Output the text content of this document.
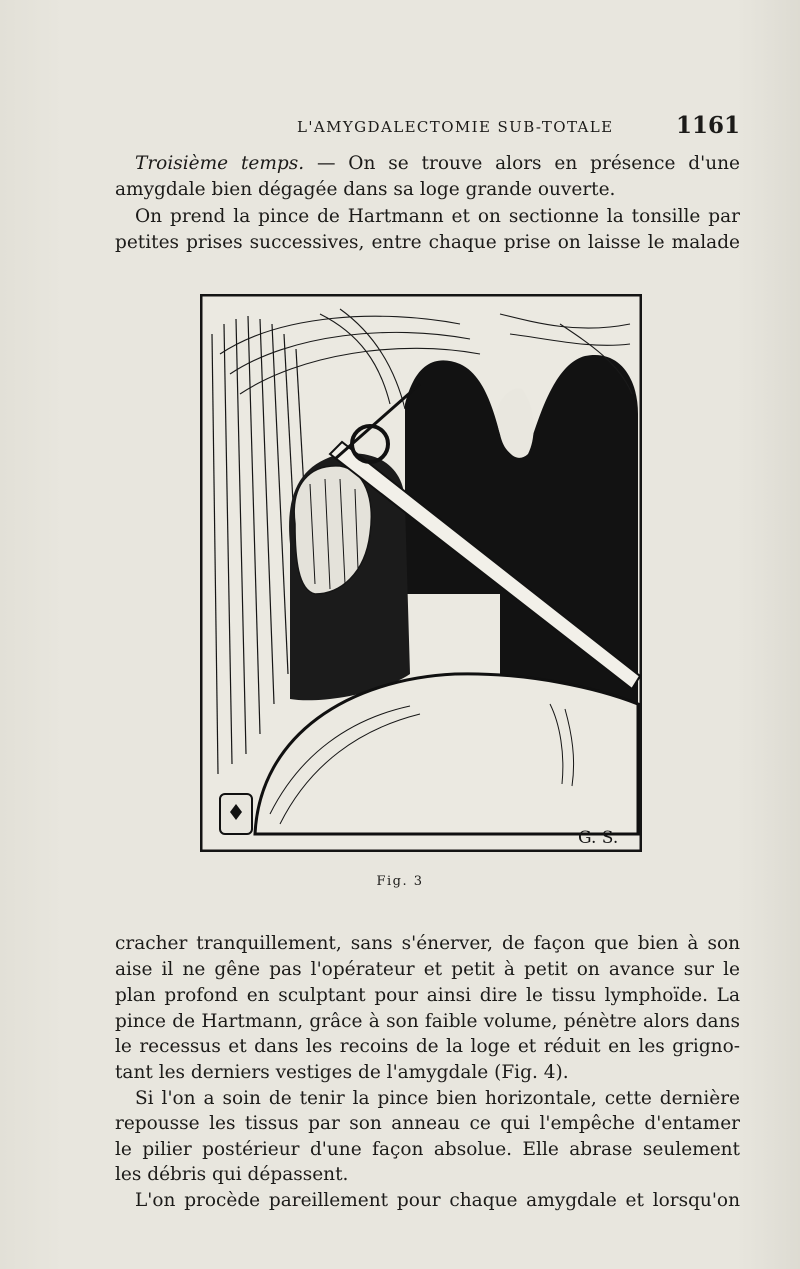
L'AMYGDALECTOMIE SUB-TOTALE	1161

Troisième temps. — On se trouve alors en présence d'une

amygdale bien dégagée dans sa loge grande ouverte.

On prend la pince de Hartmann et on sectionne la tonsille par

petites prises successives, entre chaque prise on laisse le malade

G. S.
Fig. 3

cracher tranquillement, sans s'énerver, de façon que bien à son

aise il ne gêne pas l'opérateur et petit à petit on avance sur le

plan profond en sculptant pour ainsi dire le tissu lymphoïde. La

pince de Hartmann, grâce à son faible volume, pénètre alors dans

le recessus et dans les recoins de la loge et réduit en les grigno-

tant les derniers vestiges de l'amygdale (Fig. 4).

Si l'on a soin de tenir la pince bien horizontale, cette dernière

repousse les tissus par son anneau ce qui l'empêche d'entamer

le pilier postérieur d'une façon absolue. Elle abrase seulement

les débris qui dépassent.

L'on procède pareillement pour chaque amygdale et lorsqu'on
